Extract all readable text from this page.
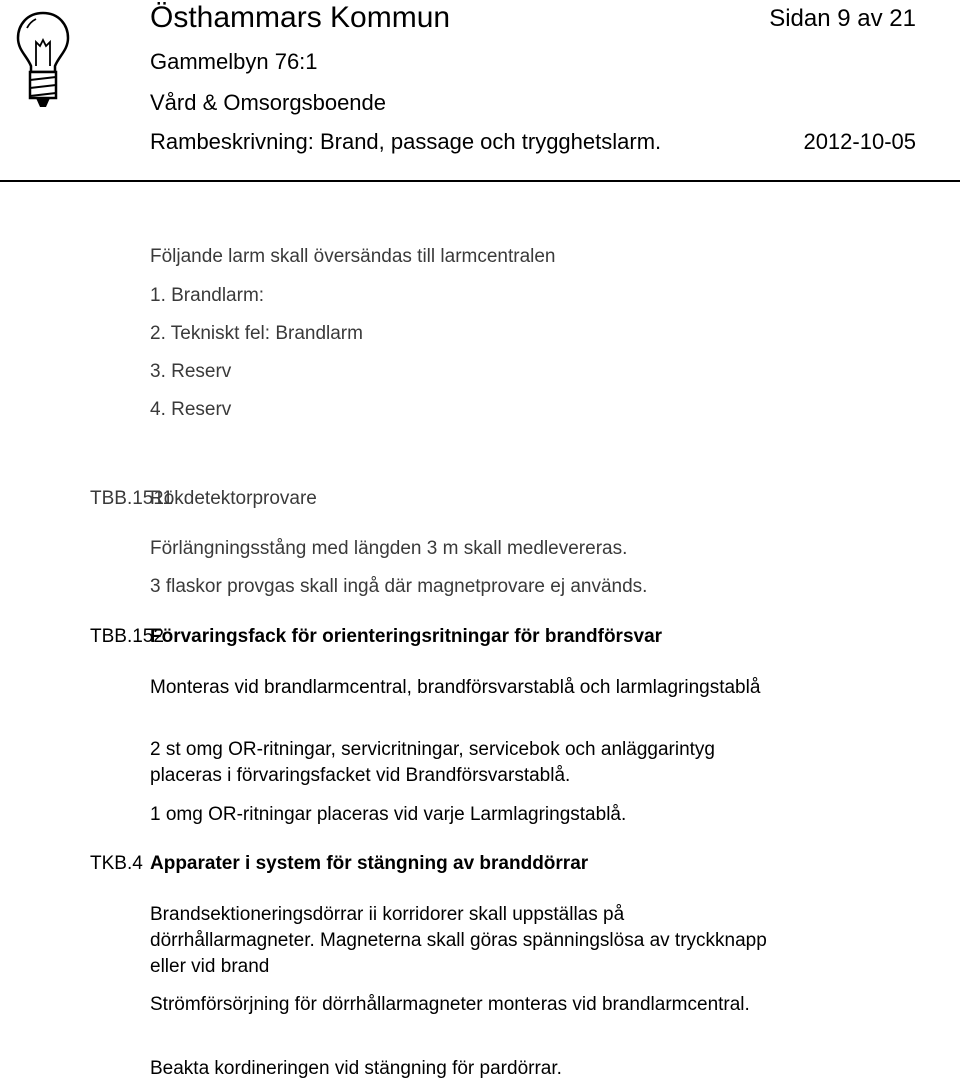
Östhammars Kommun	Sidan 9 av 21
Gammelbyn 76:1
Vård & Omsorgsboende
Rambeskrivning: Brand, passage och trygghetslarm.	2012-10-05
Följande larm skall översändas till larmcentralen
1. Brandlarm:
2. Tekniskt fel: Brandlarm
3. Reserv
4. Reserv
TBB.1511
Rökdetektorprovare
Förlängningsstång med längden 3 m skall medlevereras.
3 flaskor provgas skall ingå där magnetprovare ej används.
TBB.152
Förvaringsfack för orienteringsritningar för brandförsvar
Monteras vid brandlarmcentral, brandförsvarstablå och larmlagringstablå
2 st omg OR-ritningar, servicritningar, servicebok och anläggarintyg placeras i förvaringsfacket vid Brandförsvarstablå.
1 omg OR-ritningar placeras vid varje Larmlagringstablå.
TKB.4 Apparater i system för stängning av branddörrar
Brandsektioneringsdörrar ii korridorer skall uppställas på dörrhållarmagneter. Magneterna skall göras spänningslösa av tryckknapp eller vid brand
Strömförsörjning för dörrhållarmagneter monteras vid brandlarmcentral.
Beakta kordineringen vid stängning för pardörrar.
